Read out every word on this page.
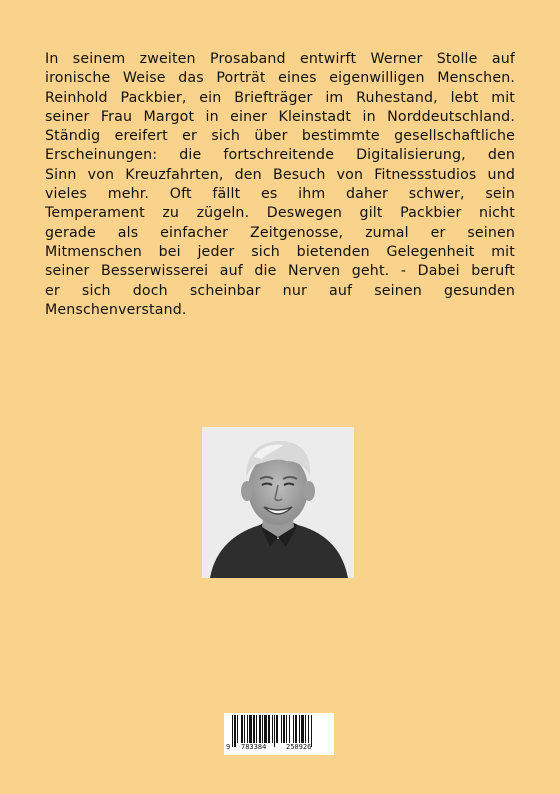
In seinem zweiten Prosaband entwirft Werner Stolle auf
ironische Weise das Porträt eines eigenwilligen Menschen.
Reinhold Packbier, ein Briefträger im Ruhestand, lebt mit
seiner Frau Margot in einer Kleinstadt in Norddeutschland.
Ständig ereifert er sich über bestimmte gesellschaftliche
Erscheinungen: die fortschreitende Digitalisierung, den
Sinn von Kreuzfahrten, den Besuch von Fitnessstudios und
vieles mehr. Oft fällt es ihm daher schwer, sein
Temperament zu zügeln. Deswegen gilt Packbier nicht
gerade als einfacher Zeitgenosse, zumal er seinen
Mitmenschen bei jeder sich bietenden Gelegenheit mit
seiner Besserwisserei auf die Nerven geht. - Dabei beruft
er sich doch scheinbar nur auf seinen gesunden
Menschenverstand.
9 783384	250926
